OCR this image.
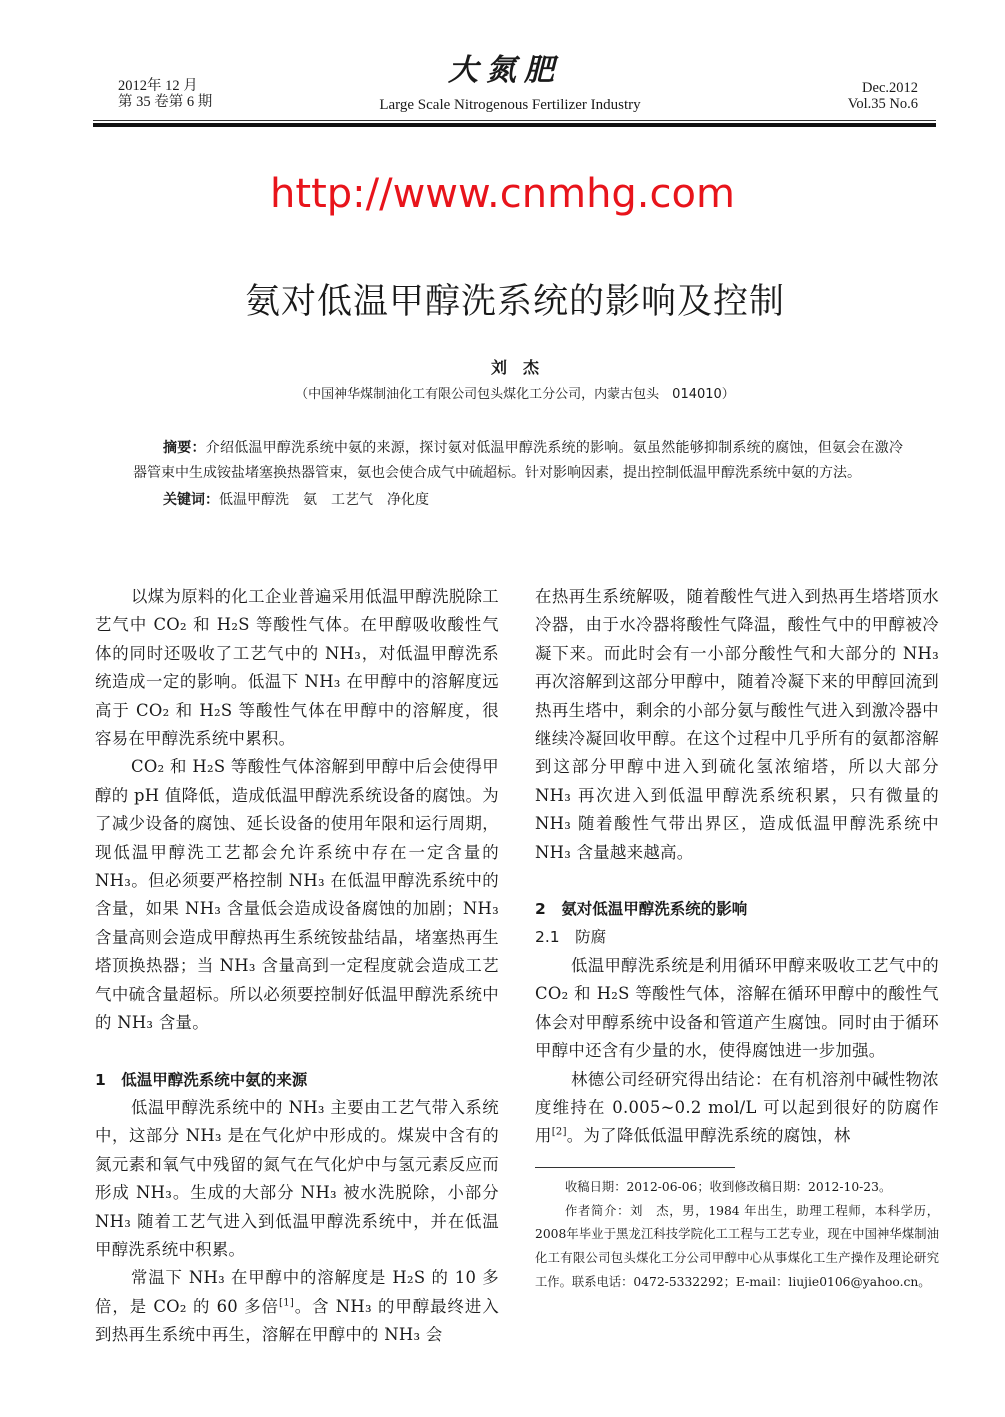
2012年 12 月
第 35 卷第 6 期
大氮肥
Large Scale Nitrogenous Fertilizer Industry
Dec.2012
Vol.35 No.6
http://www.cnmhg.com
氨对低温甲醇洗系统的影响及控制
刘　杰
（中国神华煤制油化工有限公司包头煤化工分公司，内蒙古包头　014010）
摘要：介绍低温甲醇洗系统中氨的来源，探讨氨对低温甲醇洗系统的影响。氨虽然能够抑制系统的腐蚀，但氨会在激冷器管束中生成铵盐堵塞换热器管束，氨也会使合成气中硫超标。针对影响因素，提出控制低温甲醇洗系统中氨的方法。
关键词：低温甲醇洗　氨　工艺气　净化度

以煤为原料的化工企业普遍采用低温甲醇洗脱除工艺气中 CO₂ 和 H₂S 等酸性气体。在甲醇吸收酸性气体的同时还吸收了工艺气中的 NH₃，对低温甲醇洗系统造成一定的影响。低温下 NH₃ 在甲醇中的溶解度远高于 CO₂ 和 H₂S 等酸性气体在甲醇中的溶解度，很容易在甲醇洗系统中累积。

CO₂ 和 H₂S 等酸性气体溶解到甲醇中后会使得甲醇的 pH 值降低，造成低温甲醇洗系统设备的腐蚀。为了减少设备的腐蚀、延长设备的使用年限和运行周期，现低温甲醇洗工艺都会允许系统中存在一定含量的 NH₃。但必须要严格控制 NH₃ 在低温甲醇洗系统中的含量，如果 NH₃ 含量低会造成设备腐蚀的加剧；NH₃ 含量高则会造成甲醇热再生系统铵盐结晶，堵塞热再生塔顶换热器；当 NH₃ 含量高到一定程度就会造成工艺气中硫含量超标。所以必须要控制好低温甲醇洗系统中的 NH₃ 含量。

1　低温甲醇洗系统中氨的来源

低温甲醇洗系统中的 NH₃ 主要由工艺气带入系统中，这部分 NH₃ 是在气化炉中形成的。煤炭中含有的氮元素和氧气中残留的氮气在气化炉中与氢元素反应而形成 NH₃。生成的大部分 NH₃ 被水洗脱除，小部分 NH₃ 随着工艺气进入到低温甲醇洗系统中，并在低温甲醇洗系统中积累。

常温下 NH₃ 在甲醇中的溶解度是 H₂S 的 10 多倍，是 CO₂ 的 60 多倍[1]。含 NH₃ 的甲醇最终进入到热再生系统中再生，溶解在甲醇中的 NH₃ 会

在热再生系统解吸，随着酸性气进入到热再生塔塔顶水冷器，由于水冷器将酸性气降温，酸性气中的甲醇被冷凝下来。而此时会有一小部分酸性气和大部分的 NH₃ 再次溶解到这部分甲醇中，随着冷凝下来的甲醇回流到热再生塔中，剩余的小部分氨与酸性气进入到激冷器中继续冷凝回收甲醇。在这个过程中几乎所有的氨都溶解到这部分甲醇中进入到硫化氢浓缩塔，所以大部分 NH₃ 再次进入到低温甲醇洗系统积累，只有微量的 NH₃ 随着酸性气带出界区，造成低温甲醇洗系统中 NH₃ 含量越来越高。

2　氨对低温甲醇洗系统的影响

2.1　防腐

低温甲醇洗系统是利用循环甲醇来吸收工艺气中的 CO₂ 和 H₂S 等酸性气体，溶解在循环甲醇中的酸性气体会对甲醇系统中设备和管道产生腐蚀。同时由于循环甲醇中还含有少量的水，使得腐蚀进一步加强。

林德公司经研究得出结论：在有机溶剂中碱性物浓度维持在 0.005~0.2 mol/L 可以起到很好的防腐作用[2]。为了降低低温甲醇洗系统的腐蚀，林

收稿日期：2012-06-06；收到修改稿日期：2012-10-23。
作者简介：刘　杰，男，1984 年出生，助理工程师，本科学历，2008年毕业于黑龙江科技学院化工工程与工艺专业，现在中国神华煤制油化工有限公司包头煤化工分公司甲醇中心从事煤化工生产操作及理论研究工作。联系电话：0472-5332292；E-mail：liujie0106@yahoo.cn。
